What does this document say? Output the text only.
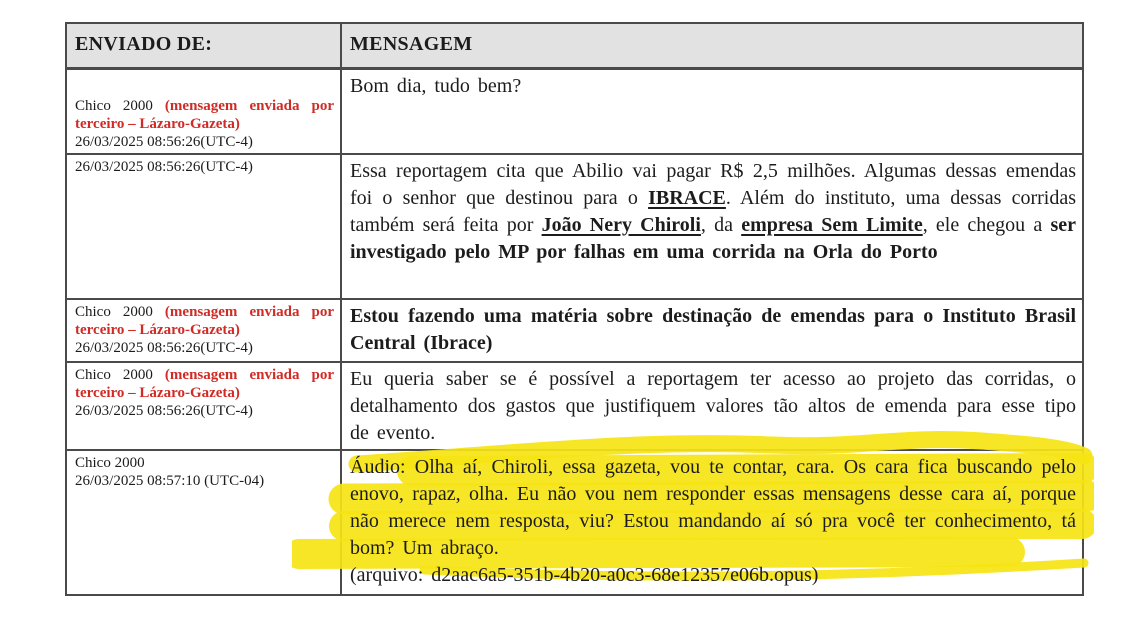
ENVIADO DE:	MENSAGEM

Chico 2000 (mensagem enviada por terceiro – Lázaro-Gazeta)
26/03/2025 08:56:26(UTC-4)	Bom dia, tudo bem?

26/03/2025 08:56:26(UTC-4)	Essa reportagem cita que Abilio vai pagar R$ 2,5 milhões. Algumas dessas emendas foi o senhor que destinou para o IBRACE. Além do instituto, uma dessas corridas também será feita por João Nery Chiroli, da empresa Sem Limite, ele chegou a ser investigado pelo MP por falhas em uma corrida na Orla do Porto

Chico 2000 (mensagem enviada por terceiro – Lázaro-Gazeta)
26/03/2025 08:56:26(UTC-4)	Estou fazendo uma matéria sobre destinação de emendas para o Instituto Brasil Central (Ibrace)

Chico 2000 (mensagem enviada por terceiro – Lázaro-Gazeta)
26/03/2025 08:56:26(UTC-4)	Eu queria saber se é possível a reportagem ter acesso ao projeto das corridas, o detalhamento dos gastos que justifiquem valores tão altos de emenda para esse tipo de evento.

Chico 2000
26/03/2025 08:57:10 (UTC-04)	Áudio: Olha aí, Chiroli, essa gazeta, vou te contar, cara. Os cara fica buscando pelo enovo, rapaz, olha. Eu não vou nem responder essas mensagens desse cara aí, porque não merece nem resposta, viu? Estou mandando aí só pra você ter conhecimento, tá bom? Um abraço.
(arquivo: d2aac6a5-351b-4b20-a0c3-68e12357e06b.opus)
